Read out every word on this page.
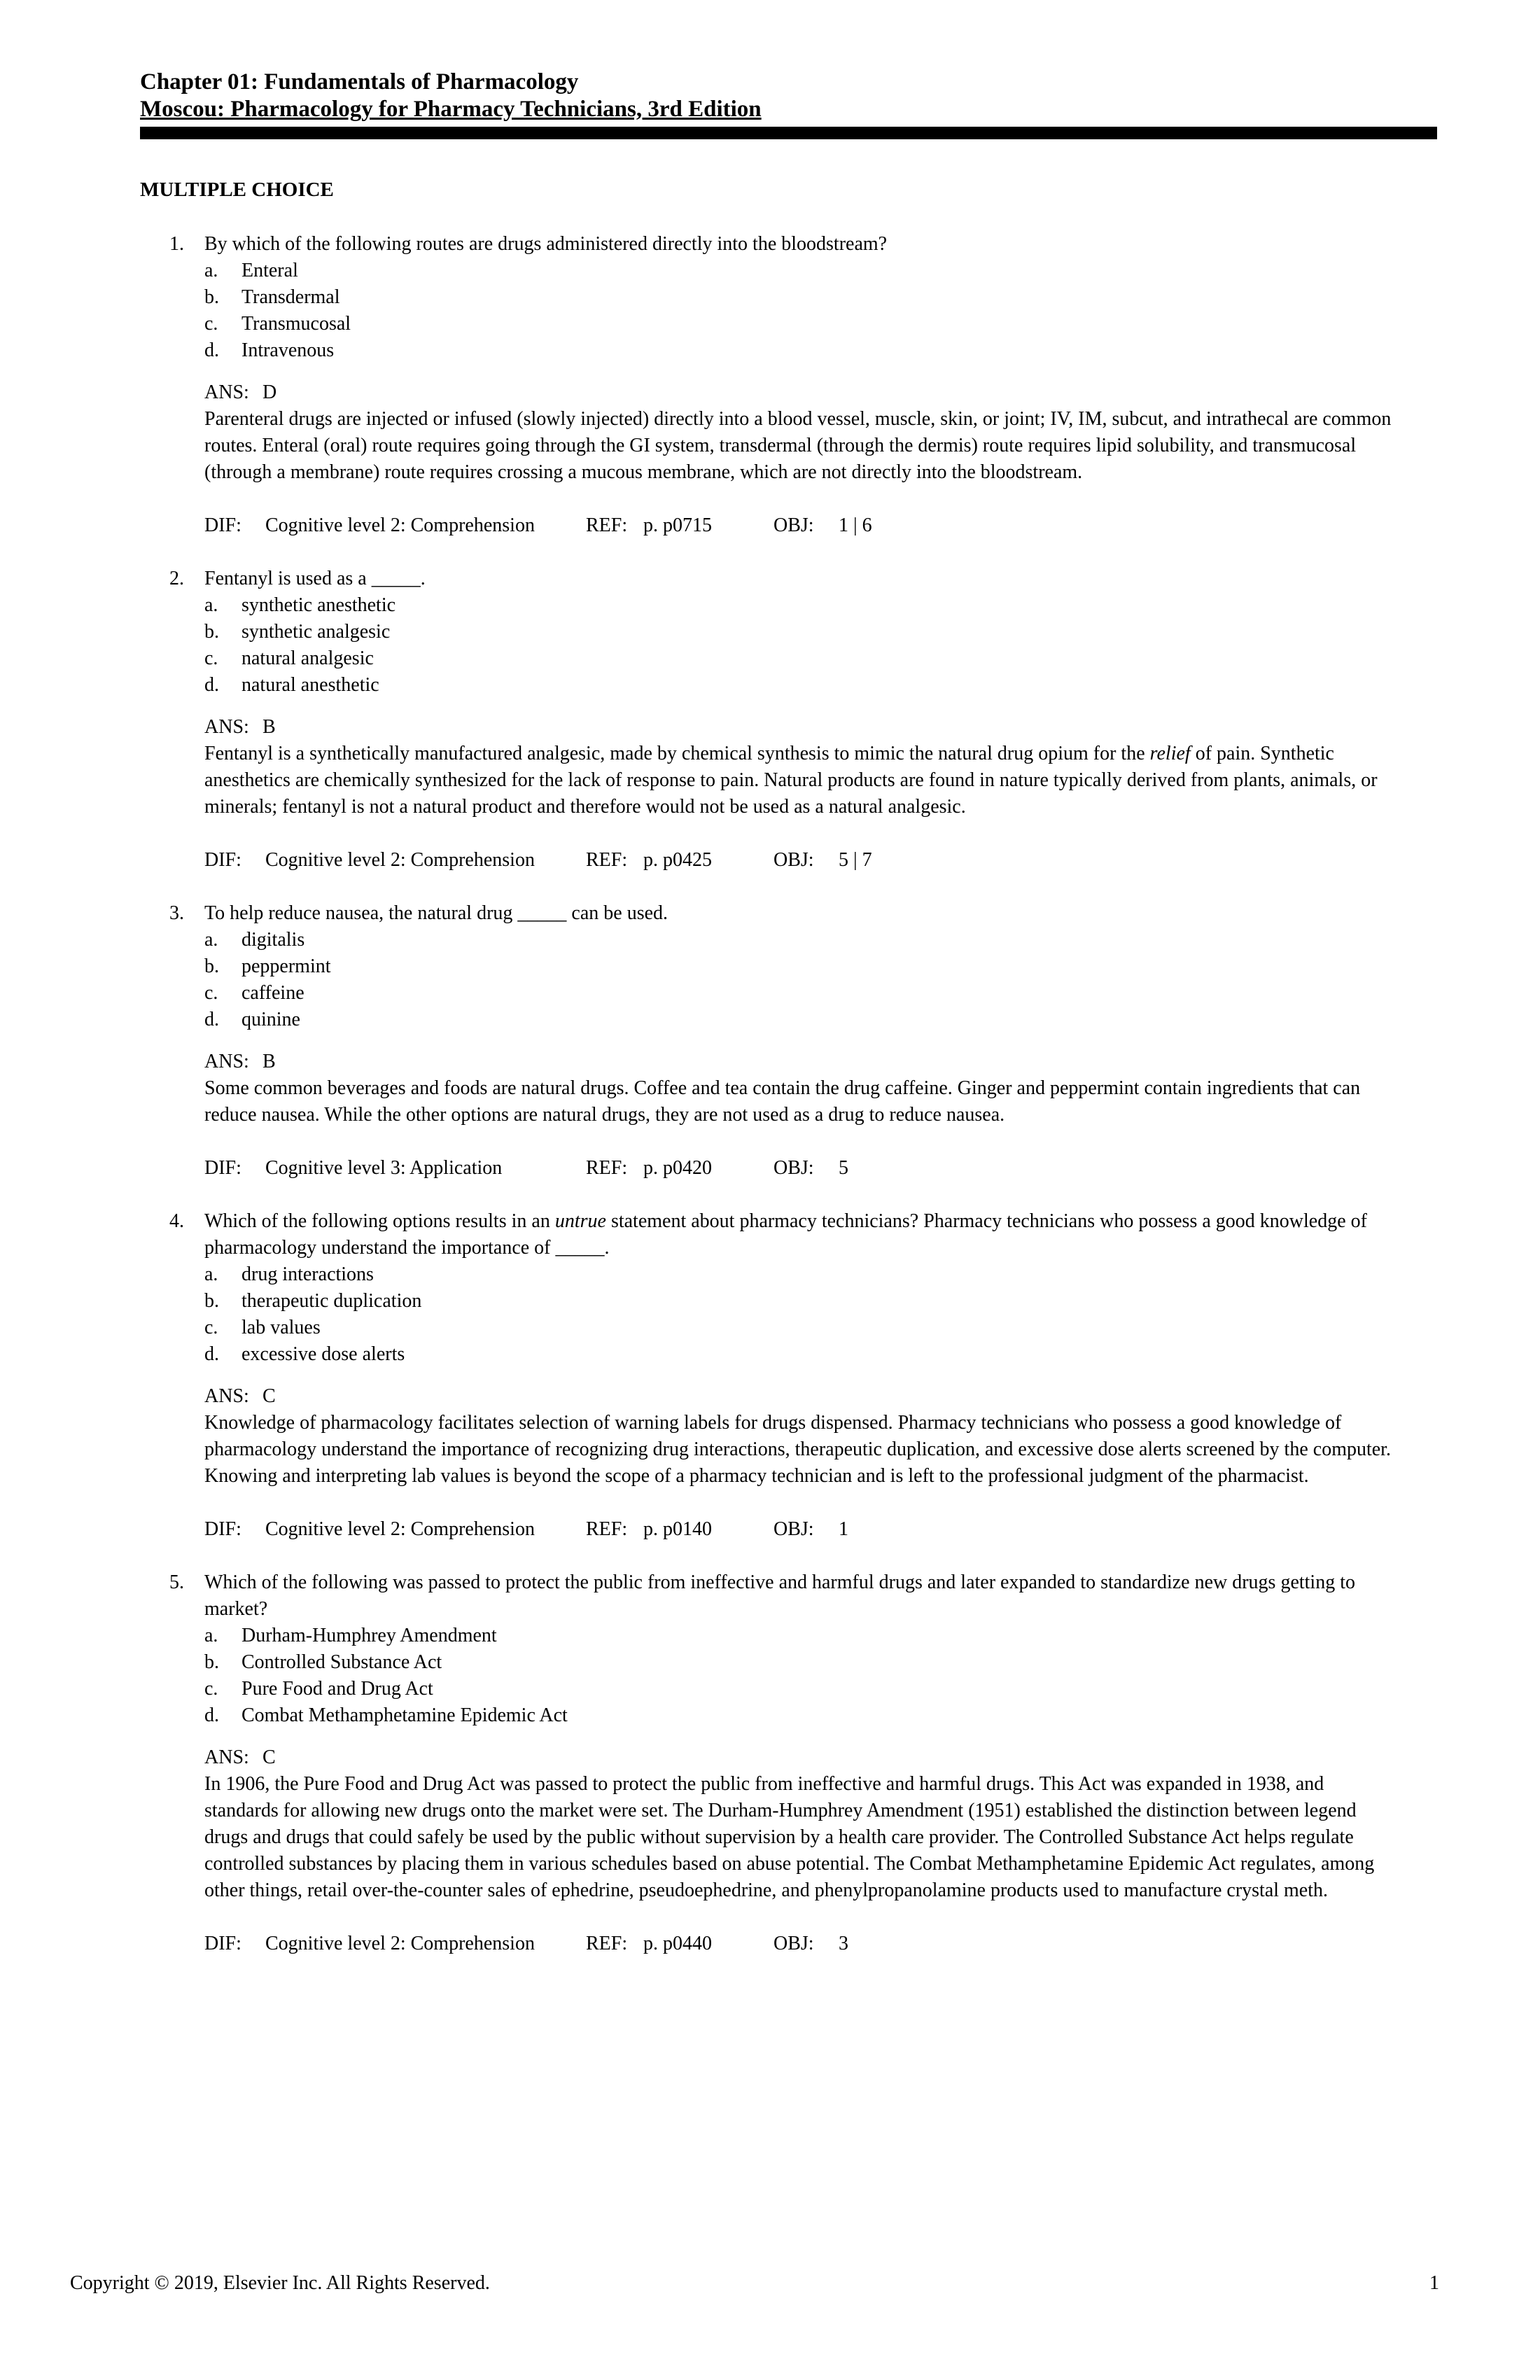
Chapter 01: Fundamentals of Pharmacology
Moscou: Pharmacology for Pharmacy Technicians, 3rd Edition
MULTIPLE CHOICE
1.	By which of the following routes are drugs administered directly into the bloodstream?
a.	Enteral
b.	Transdermal
c.	Transmucosal
d.	Intravenous
ANS: D
Parenteral drugs are injected or infused (slowly injected) directly into a blood vessel, muscle, skin, or joint; IV, IM, subcut, and intrathecal are common routes. Enteral (oral) route requires going through the GI system, transdermal (through the dermis) route requires lipid solubility, and transmucosal (through a membrane) route requires crossing a mucous membrane, which are not directly into the bloodstream.
DIF:	Cognitive level 2: Comprehension	REF: p. p0715	OBJ:	1 | 6
2.	Fentanyl is used as a _____.
a.	synthetic anesthetic
b.	synthetic analgesic
c.	natural analgesic
d.	natural anesthetic
ANS: B
Fentanyl is a synthetically manufactured analgesic, made by chemical synthesis to mimic the natural drug opium for the relief of pain. Synthetic anesthetics are chemically synthesized for the lack of response to pain. Natural products are found in nature typically derived from plants, animals, or minerals; fentanyl is not a natural product and therefore would not be used as a natural analgesic.
DIF:	Cognitive level 2: Comprehension	REF: p. p0425	OBJ:	5 | 7
3.	To help reduce nausea, the natural drug _____ can be used.
a.	digitalis
b.	peppermint
c.	caffeine
d.	quinine
ANS: B
Some common beverages and foods are natural drugs. Coffee and tea contain the drug caffeine. Ginger and peppermint contain ingredients that can reduce nausea. While the other options are natural drugs, they are not used as a drug to reduce nausea.
DIF:	Cognitive level 3: Application	REF: p. p0420	OBJ:	5
4.	Which of the following options results in an untrue statement about pharmacy technicians? Pharmacy technicians who possess a good knowledge of pharmacology understand the importance of _____.
a.	drug interactions
b.	therapeutic duplication
c.	lab values
d.	excessive dose alerts
ANS: C
Knowledge of pharmacology facilitates selection of warning labels for drugs dispensed. Pharmacy technicians who possess a good knowledge of pharmacology understand the importance of recognizing drug interactions, therapeutic duplication, and excessive dose alerts screened by the computer. Knowing and interpreting lab values is beyond the scope of a pharmacy technician and is left to the professional judgment of the pharmacist.
DIF:	Cognitive level 2: Comprehension	REF: p. p0140	OBJ:	1
5.	Which of the following was passed to protect the public from ineffective and harmful drugs and later expanded to standardize new drugs getting to market?
a.	Durham-Humphrey Amendment
b.	Controlled Substance Act
c.	Pure Food and Drug Act
d.	Combat Methamphetamine Epidemic Act
ANS: C
In 1906, the Pure Food and Drug Act was passed to protect the public from ineffective and harmful drugs. This Act was expanded in 1938, and standards for allowing new drugs onto the market were set. The Durham-Humphrey Amendment (1951) established the distinction between legend drugs and drugs that could safely be used by the public without supervision by a health care provider. The Controlled Substance Act helps regulate controlled substances by placing them in various schedules based on abuse potential. The Combat Methamphetamine Epidemic Act regulates, among other things, retail over-the-counter sales of ephedrine, pseudoephedrine, and phenylpropanolamine products used to manufacture crystal meth.
DIF:	Cognitive level 2: Comprehension	REF: p. p0440	OBJ:	3
Copyright © 2019, Elsevier Inc. All Rights Reserved.	1
